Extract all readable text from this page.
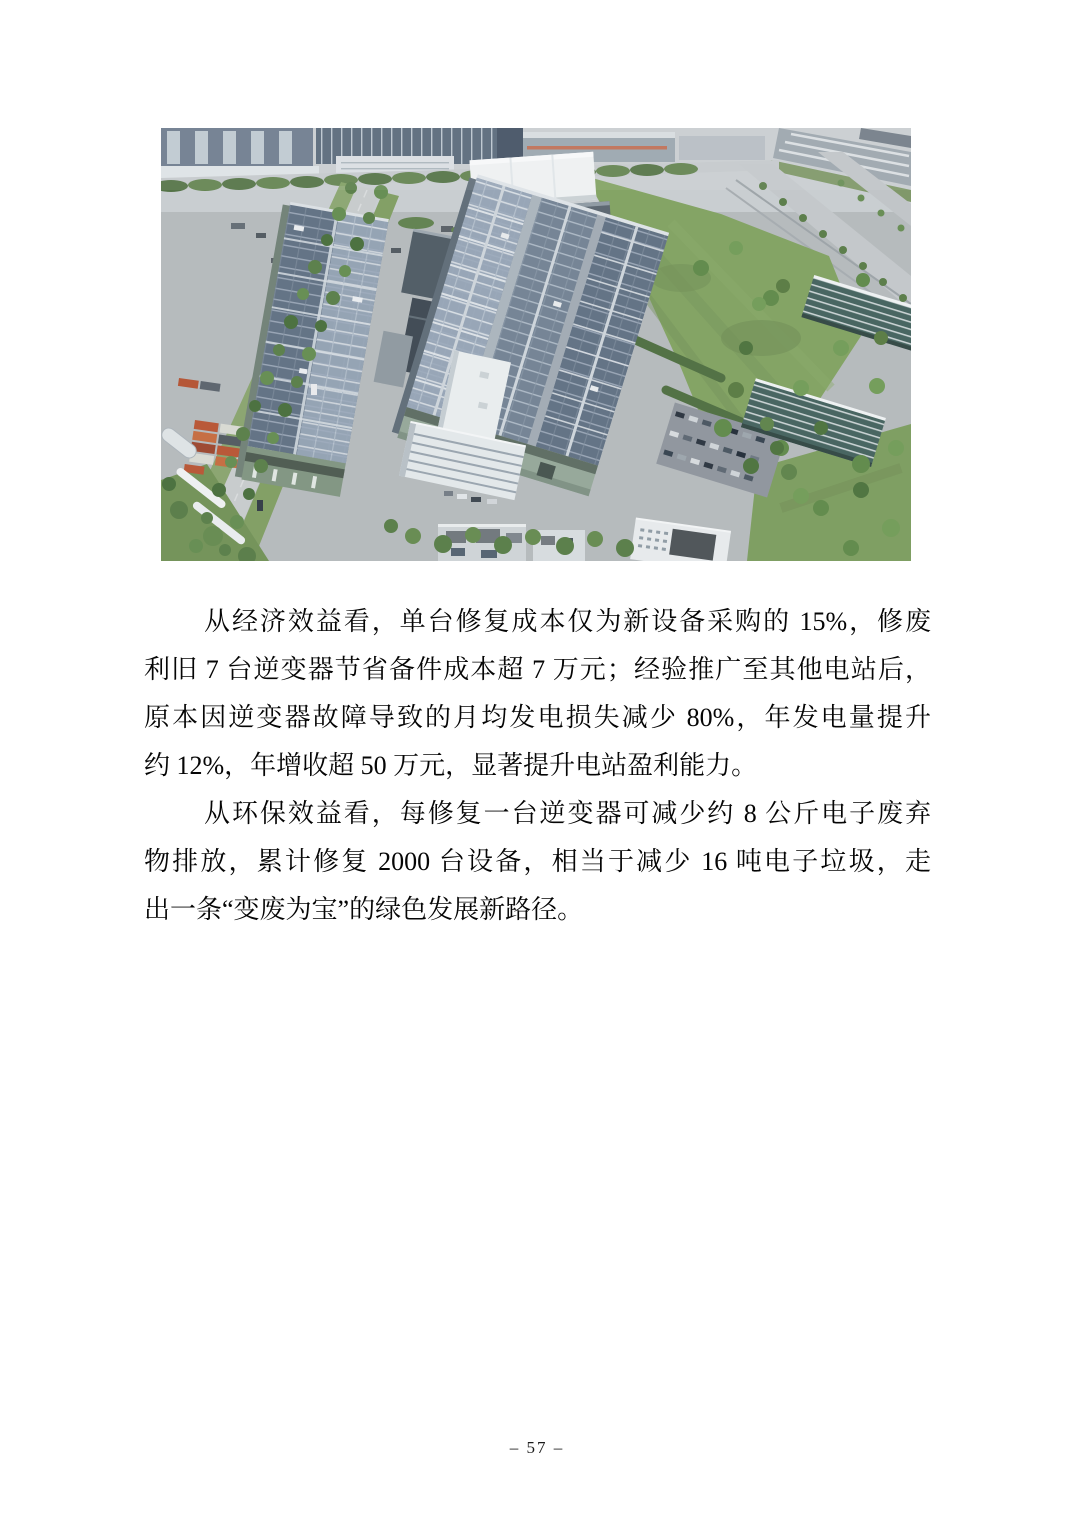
从经济效益看，单台修复成本仅为新设备采购的 15%，修废
利旧 7 台逆变器节省备件成本超 7 万元；经验推广至其他电站后，
原本因逆变器故障导致的月均发电损失减少 80%，年发电量提升
约 12%，年增收超 50 万元，显著提升电站盈利能力。
从环保效益看，每修复一台逆变器可减少约 8 公斤电子废弃
物排放，累计修复 2000 台设备，相当于减少 16 吨电子垃圾，走
出一条“变废为宝”的绿色发展新路径。
– 57 –
